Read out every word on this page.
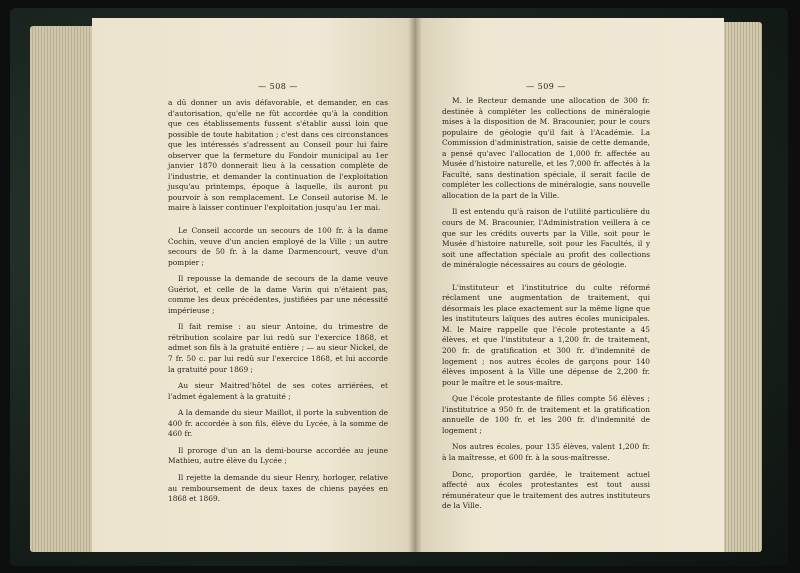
— 508 —

a dû donner un avis défavorable, et demander, en cas d'autorisation, qu'elle ne fût accordée qu'à la condition que ces établissements fussent s'établir aussi loin que possible de toute habitation ; c'est dans ces circonstances que les intéressés s'adressent au Conseil pour lui faire observer que la fermeture du Fondoir municipal au 1er janvier 1870 donnerait lieu à la cessation complète de l'industrie, et demander la continuation de l'exploitation jusqu'au printemps, époque à laquelle, ils auront pu pourvoir à son remplacement. Le Conseil autorise M. le maire à laisser continuer l'exploitation jusqu'au 1er mai.

Le Conseil accorde un secours de 100 fr. à la dame Cochin, veuve d'un ancien employé de la Ville ; un autre secours de 50 fr. à la dame Darmencourt, veuve d'un pompier ;

Il repousse la demande de secours de la dame veuve Guériot, et celle de la dame Varin qui n'étaient pas, comme les deux précédentes, justifiées par une nécessité impérieuse ;

Il fait remise : au sieur Antoine, du trimestre de rétribution scolaire par lui redû sur l'exercice 1868, et admet son fils à la gratuité entière ; — au sieur Nickel, de 7 fr. 50 c. par lui redû sur l'exercice 1868, et lui accorde la gratuité pour 1869 ;

Au sieur Maitred'hôtel de ses cotes arriérées, et l'admet également à la gratuité ;

A la demande du sieur Maillot, il porte la subvention de 400 fr. accordée à son fils, élève du Lycée, à la somme de 460 fr.

Il proroge d'un an la demi-bourse accordée au jeune Mathieu, autre élève du Lycée ;

Il rejette la demande du sieur Henry, horloger, relative au remboursement de deux taxes de chiens payées en 1868 et 1869.

— 509 —

M. le Recteur demande une allocation de 300 fr. destinée à compléter les collections de minéralogie mises à la disposition de M. Bracounier, pour le cours populaire de géologie qu'il fait à l'Académie. La Commission d'administration, saisie de cette demande, a pensé qu'avec l'allocation de 1,000 fr. affectée au Musée d'histoire naturelle, et les 7,000 fr. affectés à la Faculté, sans destination spéciale, il serait facile de compléter les collections de minéralogie, sans nouvelle allocation de la part de la Ville.

Il est entendu qu'à raison de l'utilité particulière du cours de M. Bracounier, l'Administration veillera à ce que sur les crédits ouverts par la Ville, soit pour le Musée d'histoire naturelle, soit pour les Facultés, il y soit une affectation spéciale au profit des collections de minéralogie nécessaires au cours de géologie.

L'instituteur et l'institutrice du culte réformé réclament une augmentation de traitement, qui désormais les place exactement sur la même ligne que les instituteurs laïques des autres écoles municipales. M. le Maire rappelle que l'école protestante a 45 élèves, et que l'instituteur a 1,200 fr. de traitement, 200 fr. de gratification et 300 fr. d'indemnité de logement ; nos autres écoles de garçons pour 140 élèves imposent à la Ville une dépense de 2,200 fr. pour le maître et le sous-maître.

Que l'école protestante de filles compte 56 élèves ; l'institutrice a 950 fr. de traitement et la gratification annuelle de 100 fr. et les 200 fr. d'indemnité de logement ;

Nos autres écoles, pour 135 élèves, valent 1,200 fr. à la maîtresse, et 600 fr. à la sous-maîtresse.

Donc, proportion gardée, le traitement actuel affecté aux écoles protestantes est tout aussi rémunérateur que le traitement des autres instituteurs de la Ville.
